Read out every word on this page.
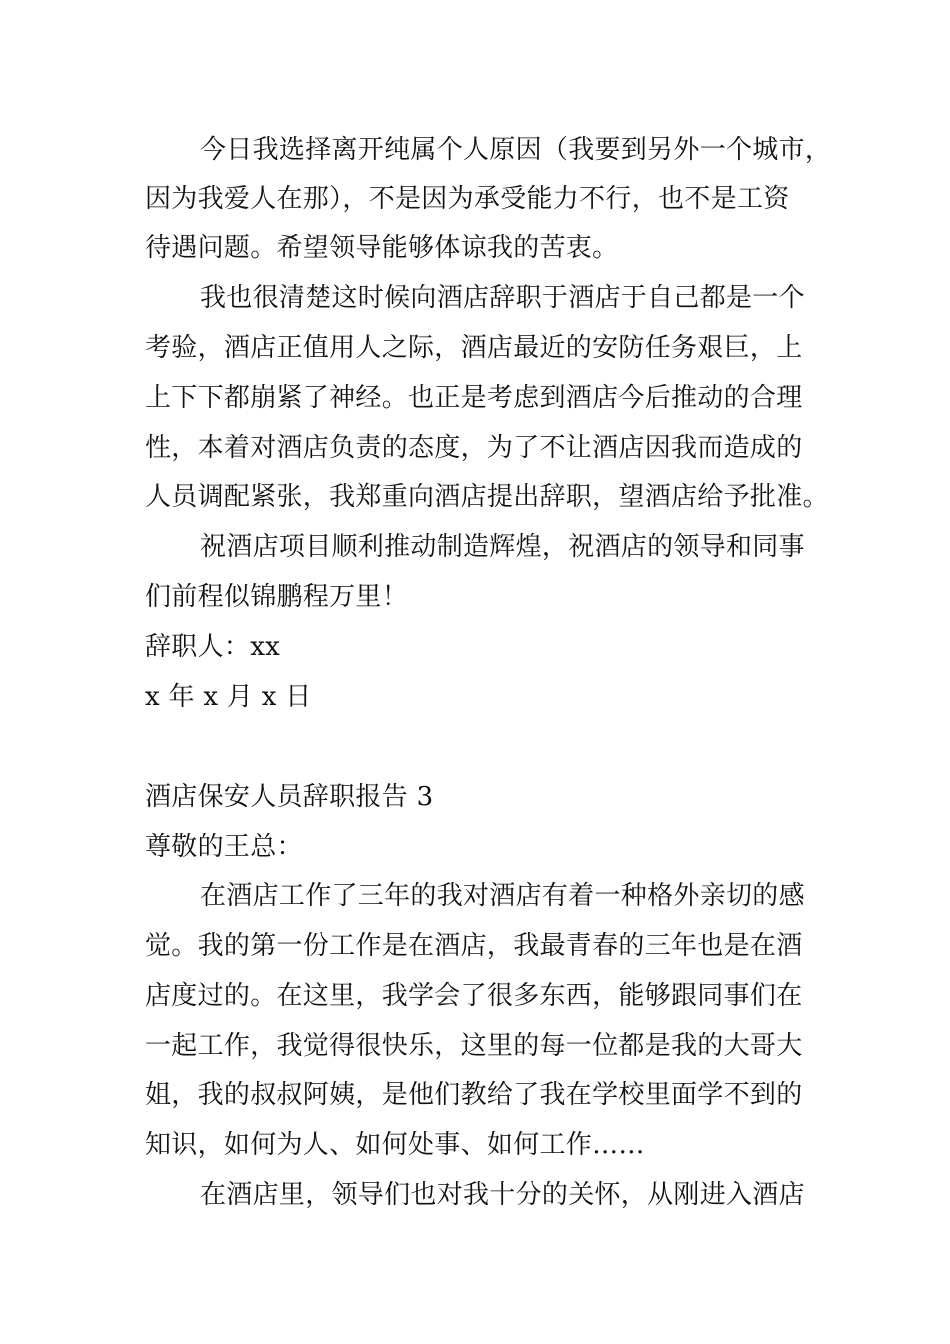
今日我选择离开纯属个人原因（我要到另外一个城市，
因为我爱人在那），不是因为承受能力不行，也不是工资
待遇问题。希望领导能够体谅我的苦衷。
我也很清楚这时候向酒店辞职于酒店于自己都是一个
考验，酒店正值用人之际，酒店最近的安防任务艰巨，上
上下下都崩紧了神经。也正是考虑到酒店今后推动的合理
性，本着对酒店负责的态度，为了不让酒店因我而造成的
人员调配紧张，我郑重向酒店提出辞职，望酒店给予批准。
祝酒店项目顺利推动制造辉煌，祝酒店的领导和同事
们前程似锦鹏程万里！
辞职人：xx
x 年 x 月 x 日
酒店保安人员辞职报告 3
尊敬的王总：
在酒店工作了三年的我对酒店有着一种格外亲切的感
觉。我的第一份工作是在酒店，我最青春的三年也是在酒
店度过的。在这里，我学会了很多东西，能够跟同事们在
一起工作，我觉得很快乐，这里的每一位都是我的大哥大
姐，我的叔叔阿姨，是他们教给了我在学校里面学不到的
知识，如何为人、如何处事、如何工作……
在酒店里，领导们也对我十分的关怀，从刚进入酒店
